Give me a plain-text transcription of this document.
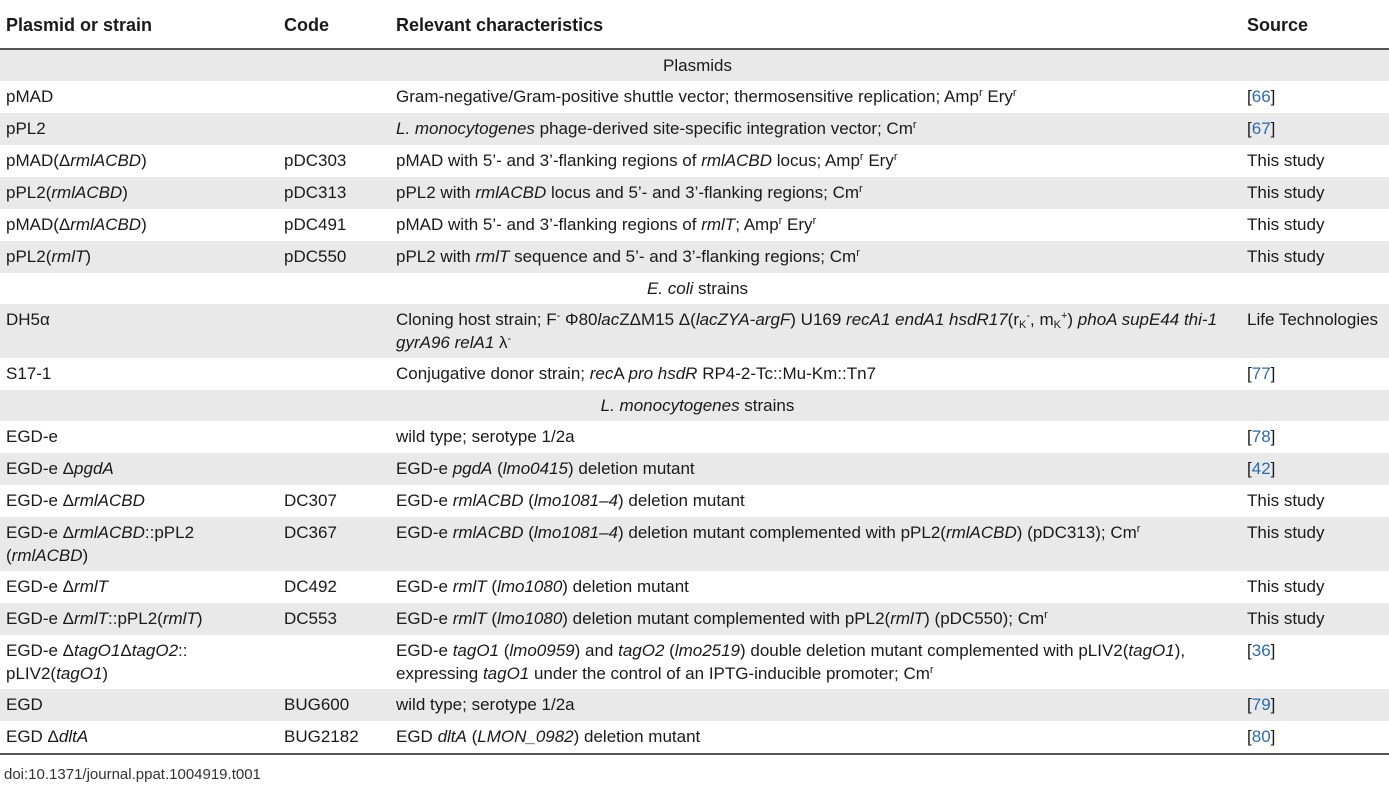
Plasmid or strain	Code	Relevant characteristics	Source
Plasmids			
pMAD		Gram-negative/Gram-positive shuttle vector; thermosensitive replication; Amp$^r$ Ery$^r$	[66]
pPL2		L. monocytogenes phage-derived site-specific integration vector; Cm$^r$	[67]
pMAD(ΔrmlACBD)	pDC303	pMAD with 5’- and 3’-flanking regions of rmlACBD locus; Amp$^r$ Ery$^r$	This study
pPL2(rmlACBD)	pDC313	pPL2 with rmlACBD locus and 5’- and 3’-flanking regions; Cm$^r$	This study
pMAD(ΔrmlACBD)	pDC491	pMAD with 5’- and 3’-flanking regions of rmlT; Amp$^r$ Ery$^r$	This study
pPL2(rmlT)	pDC550	pPL2 with rmlT sequence and 5’- and 3’-flanking regions; Cm$^r$	This study
E. coli strains			
DH5α		Cloning host strain; F- Φ80lacZΔM15 Δ(lacZYA-argF) U169 recA1 endA1 $hsdR17(r_K^-$, $m_K^+$) phoA supE44 thi-1 gyrA96 relA1 λ-	Life Technologies
S17-1		Conjugative donor strain; recA pro hsdR RP4-2-Tc::Mu-Km::Tn7	[77]
L. monocytogenes strains			
EGD-e		wild type; serotype 1/2a	[78]
EGD-e ΔpgdA		EGD-e pgdA (lmo0415) deletion mutant	[42]
EGD-e ΔrmlACBD	DC307	EGD-e rmlACBD (lmo1081–4) deletion mutant	This study
EGD-e ΔrmlACBD::pPL2 (rmlACBD)	DC367	EGD-e rmlACBD (lmo1081–4) deletion mutant complemented with pPL2(rmlACBD) (pDC313); Cm$^r$	This study
EGD-e ΔrmlT	DC492	EGD-e rmlT (lmo1080) deletion mutant	This study
EGD-e ΔrmlT::pPL2(rmlT)	DC553	EGD-e rmlT (lmo1080) deletion mutant complemented with pPL2(rmlT) (pDC550); Cm$^r$	This study
EGD-e ΔtagO1ΔtagO2:: pLIV2(tagO1)		EGD-e tagO1 (lmo0959) and tagO2 (lmo2519) double deletion mutant complemented with pLIV2(tagO1), expressing tagO1 under the control of an IPTG-inducible promoter; Cm$^r$	[36]
EGD	BUG600	wild type; serotype 1/2a	[79]
EGD ΔdltA	BUG2182	EGD dltA (LMON_0982) deletion mutant	[80]
doi:10.1371/journal.ppat.1004919.t001
